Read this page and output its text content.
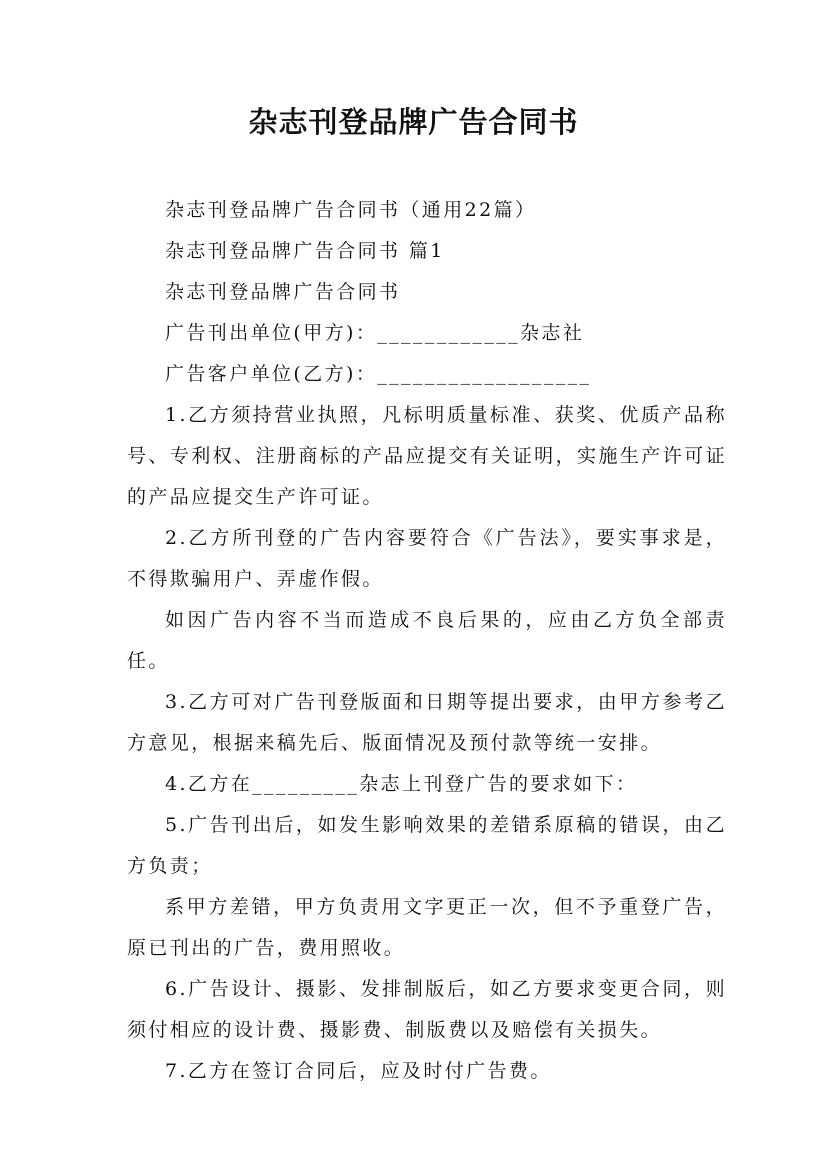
杂志刊登品牌广告合同书

杂志刊登品牌广告合同书（通用22篇）

杂志刊登品牌广告合同书 篇1

杂志刊登品牌广告合同书

广告刊出单位(甲方)：____________杂志社

广告客户单位(乙方)：__________________

1.乙方须持营业执照，凡标明质量标准、获奖、优质产品称号、专利权、注册商标的产品应提交有关证明，实施生产许可证的产品应提交生产许可证。

2.乙方所刊登的广告内容要符合《广告法》，要实事求是，不得欺骗用户、弄虚作假。

如因广告内容不当而造成不良后果的，应由乙方负全部责任。

3.乙方可对广告刊登版面和日期等提出要求，由甲方参考乙方意见，根据来稿先后、版面情况及预付款等统一安排。

4.乙方在_________杂志上刊登广告的要求如下：

5.广告刊出后，如发生影响效果的差错系原稿的错误，由乙方负责；

系甲方差错，甲方负责用文字更正一次，但不予重登广告，原已刊出的广告，费用照收。

6.广告设计、摄影、发排制版后，如乙方要求变更合同，则须付相应的设计费、摄影费、制版费以及赔偿有关损失。

7.乙方在签订合同后，应及时付广告费。
